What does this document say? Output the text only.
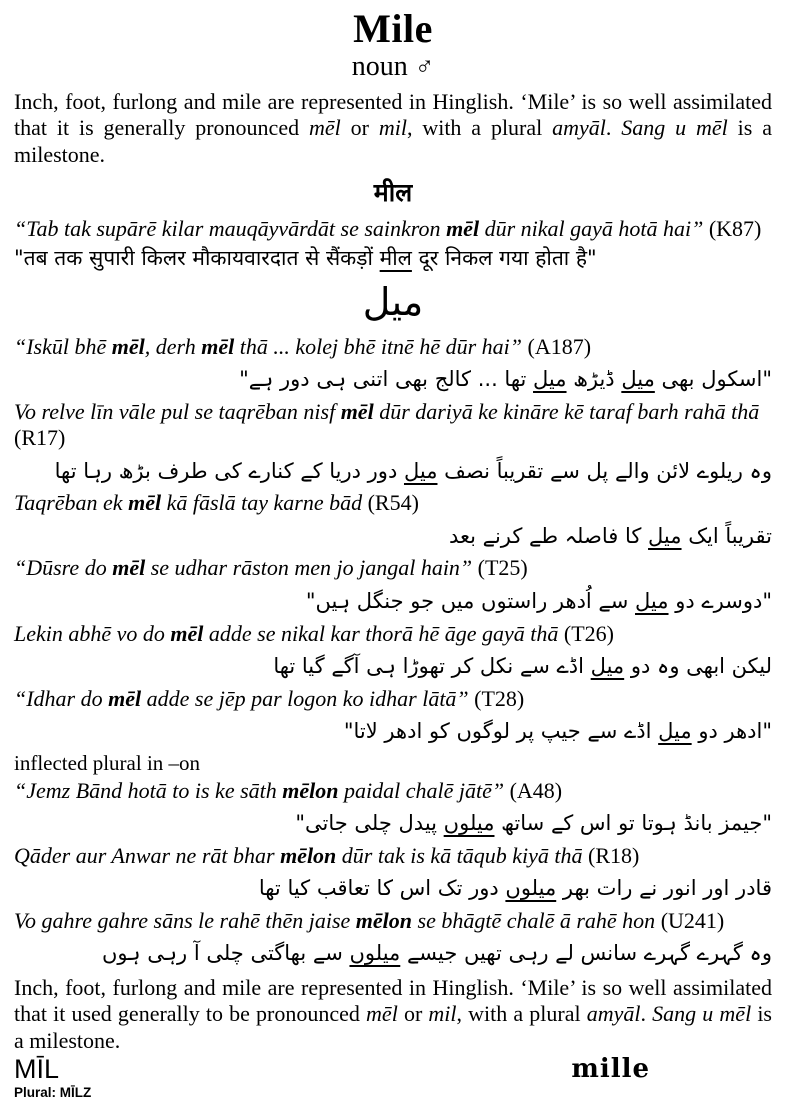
Mile
noun ♂

Inch, foot, furlong and mile are represented in Hinglish. ‘Mile’ is so well assimilated that it is generally pronounced mēl or mil, with a plural amyāl. Sang u mēl is a milestone.

मील
“Tab tak supārē kilar mauqāyvārdāt se sainkron mēl dūr nikal gayā hotā hai” (K87)
"तब तक सुपारी किलर मौकायवारदात से सैंकड़ों मील दूर निकल गया होता है"
میل
“Iskūl bhē mēl, derh mēl thā ... kolej bhē itnē hē dūr hai” (A187)
"اسکول بھی میل ڈیڑھ میل تھا ... کالج بھی اتنی ہی دور ہے"
Vo relve līn vāle pul se taqrēban nisf mēl dūr dariyā ke kināre kē taraf barh rahā thā (R17)
وہ ریلوے لائن والے پل سے تقریباً نصف میل دور دریا کے کنارے کی طرف بڑھ رہا تھا
Taqrēban ek mēl kā fāslā tay karne bād (R54)
تقریباً ایک میل کا فاصلہ طے کرنے بعد
“Dūsre do mēl se udhar rāston men jo jangal hain” (T25)
"دوسرے دو میل سے اُدھر راستوں میں جو جنگل ہیں"
Lekin abhē vo do mēl adde se nikal kar thorā hē āge gayā thā (T26)
لیکن ابھی وہ دو میل اڈے سے نکل کر تھوڑا ہی آگے گیا تھا
“Idhar do mēl adde se jēp par logon ko idhar lātā” (T28)
"ادھر دو میل اڈے سے جیپ پر لوگوں کو ادھر لاتا"
inflected plural in –on
“Jemz Bānd hotā to is ke sāth mēlon paidal chalē jātē” (A48)
"جیمز بانڈ ہوتا تو اس کے ساتھ میلوں پیدل چلی جاتی"
Qāder aur Anwar ne rāt bhar mēlon dūr tak is kā tāqub kiyā thā (R18)
قادر اور انور نے رات بھر میلوں دور تک اس کا تعاقب کیا تھا
Vo gahre gahre sāns le rahē thēn jaise mēlon se bhāgtē chalē ā rahē hon (U241)
وہ گہرے گہرے سانس لے رہی تھیں جیسے میلوں سے بھاگتی چلی آ رہی ہوں

Inch, foot, furlong and mile are represented in Hinglish. ‘Mile’ is so well assimilated that it used generally to be pronounced mēl or mil, with a plural amyāl. Sang u mēl is a milestone.

MĪL	mille
Plural: MĪLZ
